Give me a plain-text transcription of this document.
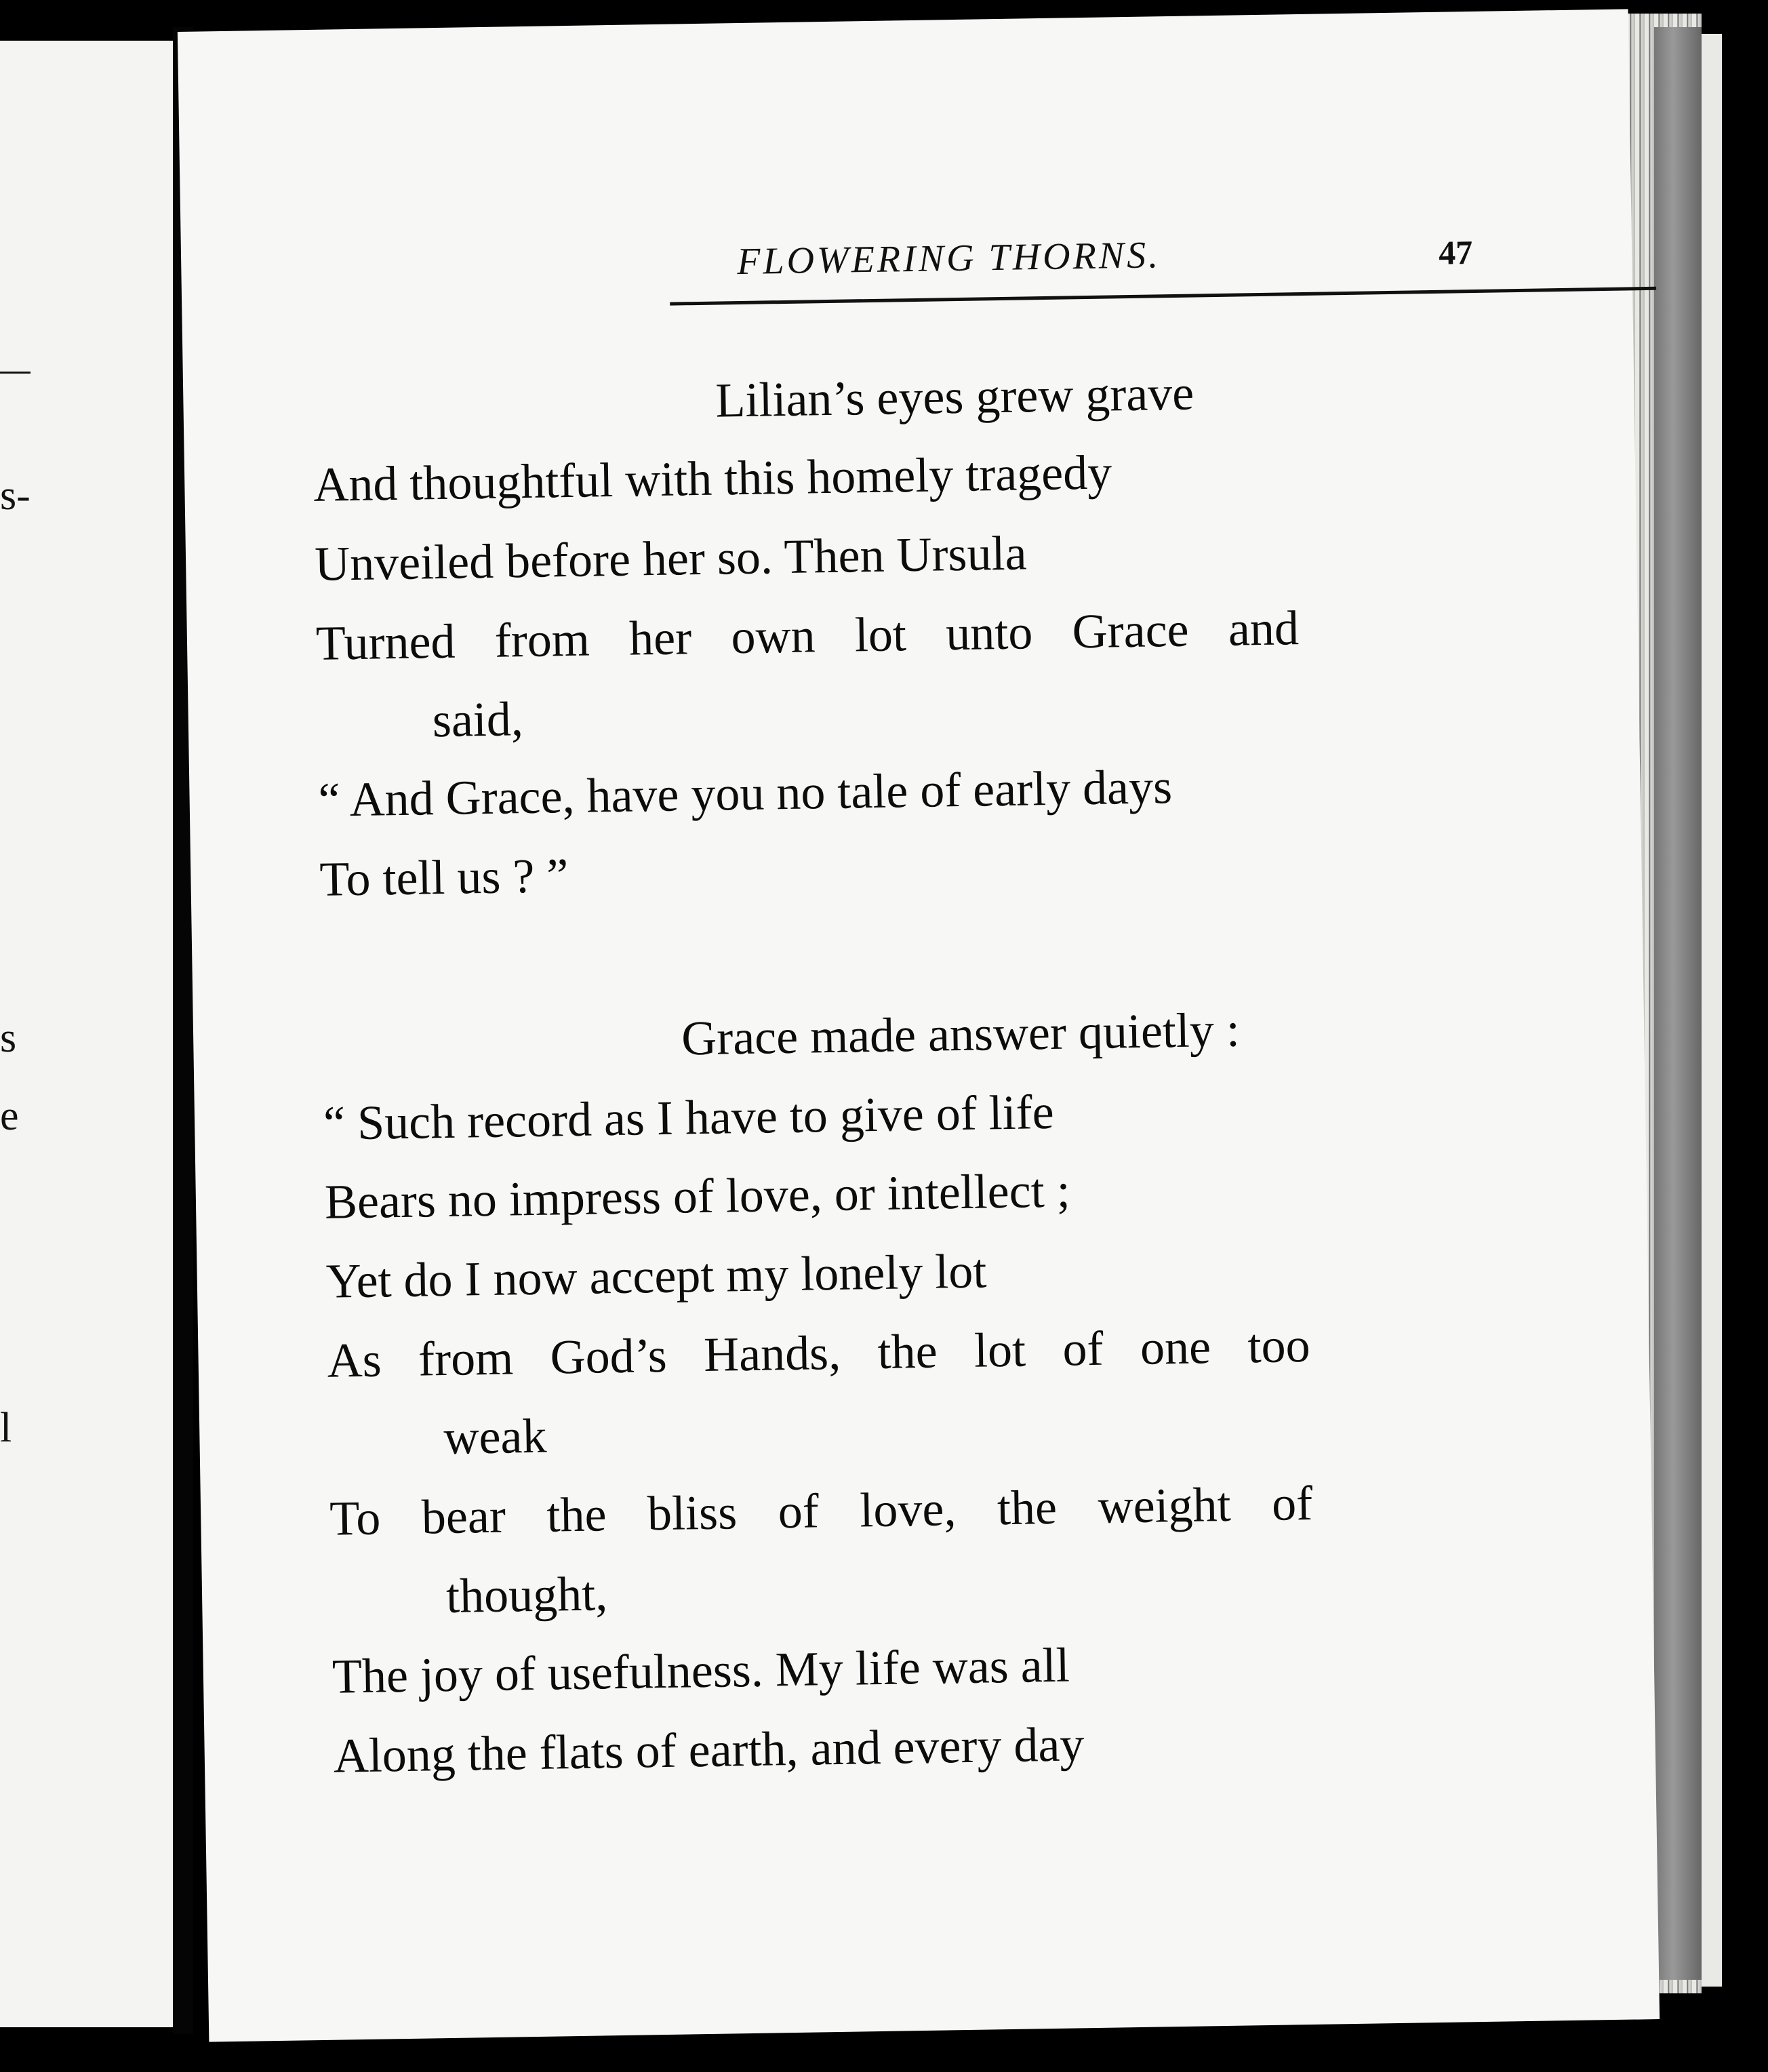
s-
s
e
l
FLOWERING THORNS.	47
Lilian’s eyes grew grave
And thoughtful with this homely tragedy
Unveiled before her so. Then Ursula
Turned from her own lot unto Grace and
said,
“ And Grace, have you no tale of early days
To tell us ? ”
Grace made answer quietly :
“ Such record as I have to give of life
Bears no impress of love, or intellect ;
Yet do I now accept my lonely lot
As from God’s Hands, the lot of one too
weak
To bear the bliss of love, the weight of
thought,
The joy of usefulness. My life was all
Along the flats of earth, and every day
